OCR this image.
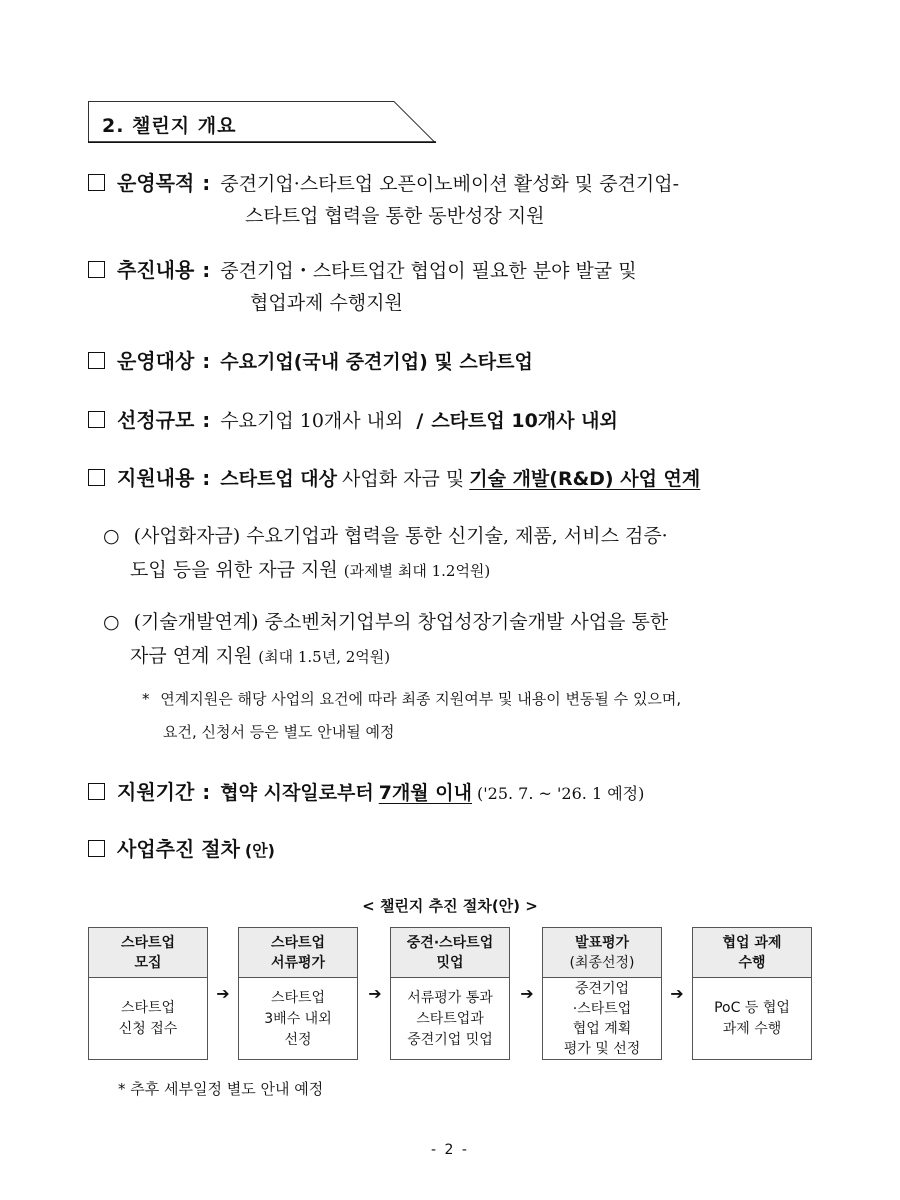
2. 챌린지 개요
운영목적 : 중견기업·스타트업 오픈이노베이션 활성화 및 중견기업-
스타트업 협력을 통한 동반성장 지원
추진내용 : 중견기업・스타트업간 협업이 필요한 분야 발굴 및
협업과제 수행지원
운영대상 : 수요기업(국내 중견기업) 및 스타트업
선정규모 : 수요기업 10개사 내외 / 스타트업 10개사 내외
지원내용 : 스타트업 대상 사업화 자금 및 기술 개발(R&D) 사업 연계
○ (사업화자금) 수요기업과 협력을 통한 신기술, 제품, 서비스 검증·
도입 등을 위한 자금 지원 (과제별 최대 1.2억원)
○ (기술개발연계) 중소벤처기업부의 창업성장기술개발 사업을 통한
자금 연계 지원 (최대 1.5년, 2억원)
* 연계지원은 해당 사업의 요건에 따라 최종 지원여부 및 내용이 변동될 수 있으며,
요건, 신청서 등은 별도 안내될 예정
지원기간 : 협약 시작일로부터 7개월 이내 ('25. 7. ~ '26. 1 예정)
사업추진 절차 (안)
< 챌린지 추진 절차(안) >
스타트업
모집
스타트업
신청 접수
➔
스타트업
서류평가
스타트업
3배수 내외
선정
➔
중견·스타트업
밋업
서류평가 통과
스타트업과
중견기업 밋업
➔
발표평가
(최종선정)
중견기업
·스타트업
협업 계획
평가 및 선정
➔
협업 과제
수행
PoC 등 협업
과제 수행
* 추후 세부일정 별도 안내 예정
- 2 -
